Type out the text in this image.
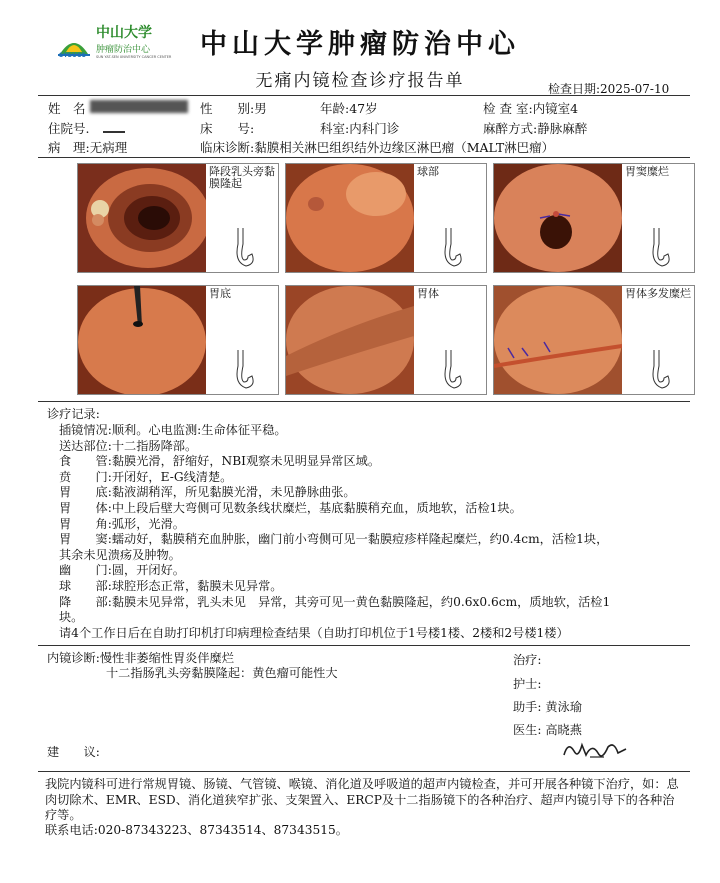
SYSUCC
中山大学
肿瘤防治中心
SUN YAT-SEN UNIVERSITY CANCER CENTER	中山大学肿瘤防治中心
无痛内镜检查诊疗报告单	检查日期:2025-07-10
姓　名	性　　别:男	年龄:47岁	检 查 室:内镜室4
住院号.	床　　号:	科室:内科门诊	麻醉方式:静脉麻醉
病　理:无病理	临床诊断:黏膜相关淋巴组织结外边缘区淋巴瘤（MALT淋巴瘤）
降段乳头旁黏膜隆起
球部	胃窦糜烂
胃底	胃体	胃体多发糜烂
诊疗记录:
插镜情况:顺利。心电监测:生命体征平稳。
送达部位:十二指肠降部。
食　　管:黏膜光滑，舒缩好，NBI观察未见明显异常区域。
贲　　门:开闭好，E-G线清楚。
胃　　底:黏液湖稍浑，所见黏膜光滑，未见静脉曲张。
胃　　体:中上段后壁大弯侧可见数条线状糜烂，基底黏膜稍充血，质地软，活检1块。
胃　　角:弧形，光滑。
胃　　窦:蠕动好，黏膜稍充血肿胀，幽门前小弯侧可见一黏膜痘疹样隆起糜烂，约0.4cm，活检1块，
其余未见溃疡及肿物。
幽　　门:圆，开闭好。
球　　部:球腔形态正常，黏膜未见异常。
降　　部:黏膜未见异常，乳头未见　异常，其旁可见一黄色黏膜隆起，约0.6x0.6cm，质地软，活检1
块。
请4个工作日后在自助打印机打印病理检查结果（自助打印机位于1号楼1楼、2楼和2号楼1楼）
内镜诊断:慢性非萎缩性胃炎伴糜烂
十二指肠乳头旁黏膜隆起：黄色瘤可能性大
治疗:
护士:
助手: 黄泳瑜
医生: 高晓燕
建　　议:
我院内镜科可进行常规胃镜、肠镜、气管镜、喉镜、消化道及呼吸道的超声内镜检查，并可开展各种镜下治疗，如：息肉切除术、EMR、ESD、消化道狭窄扩张、支架置入、ERCP及十二指肠镜下的各种治疗、超声内镜引导下的各种治疗等。
联系电话:020-87343223、87343514、87343515。
